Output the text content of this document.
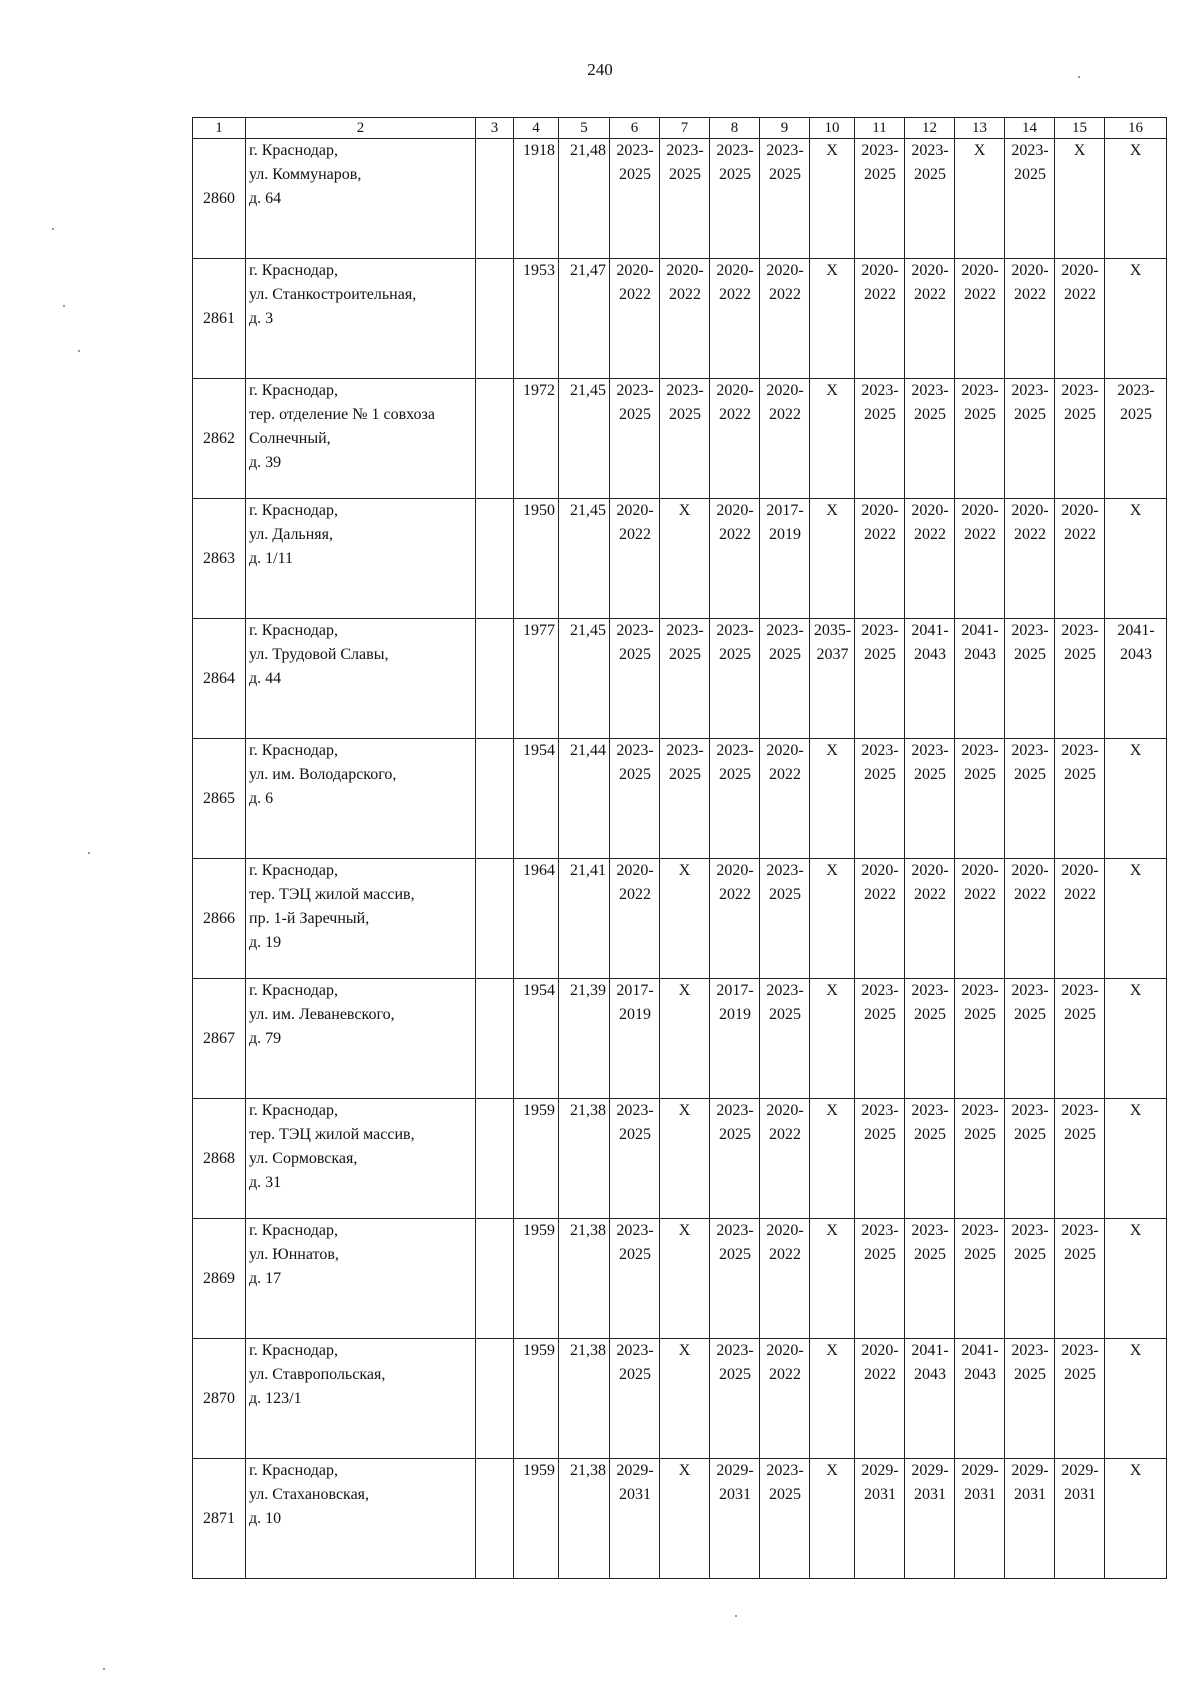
240
1	2	3	4	5	6	7	8	9	10	11	12	13	14	15	16
2860	г. Краснодар,
ул. Коммунаров,
д. 64		1918	21,48	2023-
2025	2023-
2025	2023-
2025	2023-
2025	X	2023-
2025	2023-
2025	X	2023-
2025	X	X
2861	г. Краснодар,
ул. Станкостроительная,
д. 3		1953	21,47	2020-
2022	2020-
2022	2020-
2022	2020-
2022	X	2020-
2022	2020-
2022	2020-
2022	2020-
2022	2020-
2022	X
2862	г. Краснодар,
тер. отделение № 1 совхоза
Солнечный,
д. 39		1972	21,45	2023-
2025	2023-
2025	2020-
2022	2020-
2022	X	2023-
2025	2023-
2025	2023-
2025	2023-
2025	2023-
2025	2023-
2025
2863	г. Краснодар,
ул. Дальняя,
д. 1/11		1950	21,45	2020-
2022	X	2020-
2022	2017-
2019	X	2020-
2022	2020-
2022	2020-
2022	2020-
2022	2020-
2022	X
2864	г. Краснодар,
ул. Трудовой Славы,
д. 44		1977	21,45	2023-
2025	2023-
2025	2023-
2025	2023-
2025	2035-
2037	2023-
2025	2041-
2043	2041-
2043	2023-
2025	2023-
2025	2041-
2043
2865	г. Краснодар,
ул. им. Володарского,
д. 6		1954	21,44	2023-
2025	2023-
2025	2023-
2025	2020-
2022	X	2023-
2025	2023-
2025	2023-
2025	2023-
2025	2023-
2025	X
2866	г. Краснодар,
тер. ТЭЦ жилой массив,
пр. 1-й Заречный,
д. 19		1964	21,41	2020-
2022	X	2020-
2022	2023-
2025	X	2020-
2022	2020-
2022	2020-
2022	2020-
2022	2020-
2022	X
2867	г. Краснодар,
ул. им. Леваневского,
д. 79		1954	21,39	2017-
2019	X	2017-
2019	2023-
2025	X	2023-
2025	2023-
2025	2023-
2025	2023-
2025	2023-
2025	X
2868	г. Краснодар,
тер. ТЭЦ жилой массив,
ул. Сормовская,
д. 31		1959	21,38	2023-
2025	X	2023-
2025	2020-
2022	X	2023-
2025	2023-
2025	2023-
2025	2023-
2025	2023-
2025	X
2869	г. Краснодар,
ул. Юннатов,
д. 17		1959	21,38	2023-
2025	X	2023-
2025	2020-
2022	X	2023-
2025	2023-
2025	2023-
2025	2023-
2025	2023-
2025	X
2870	г. Краснодар,
ул. Ставропольская,
д. 123/1		1959	21,38	2023-
2025	X	2023-
2025	2020-
2022	X	2020-
2022	2041-
2043	2041-
2043	2023-
2025	2023-
2025	X
2871	г. Краснодар,
ул. Стахановская,
д. 10		1959	21,38	2029-
2031	X	2029-
2031	2023-
2025	X	2029-
2031	2029-
2031	2029-
2031	2029-
2031	2029-
2031	X
